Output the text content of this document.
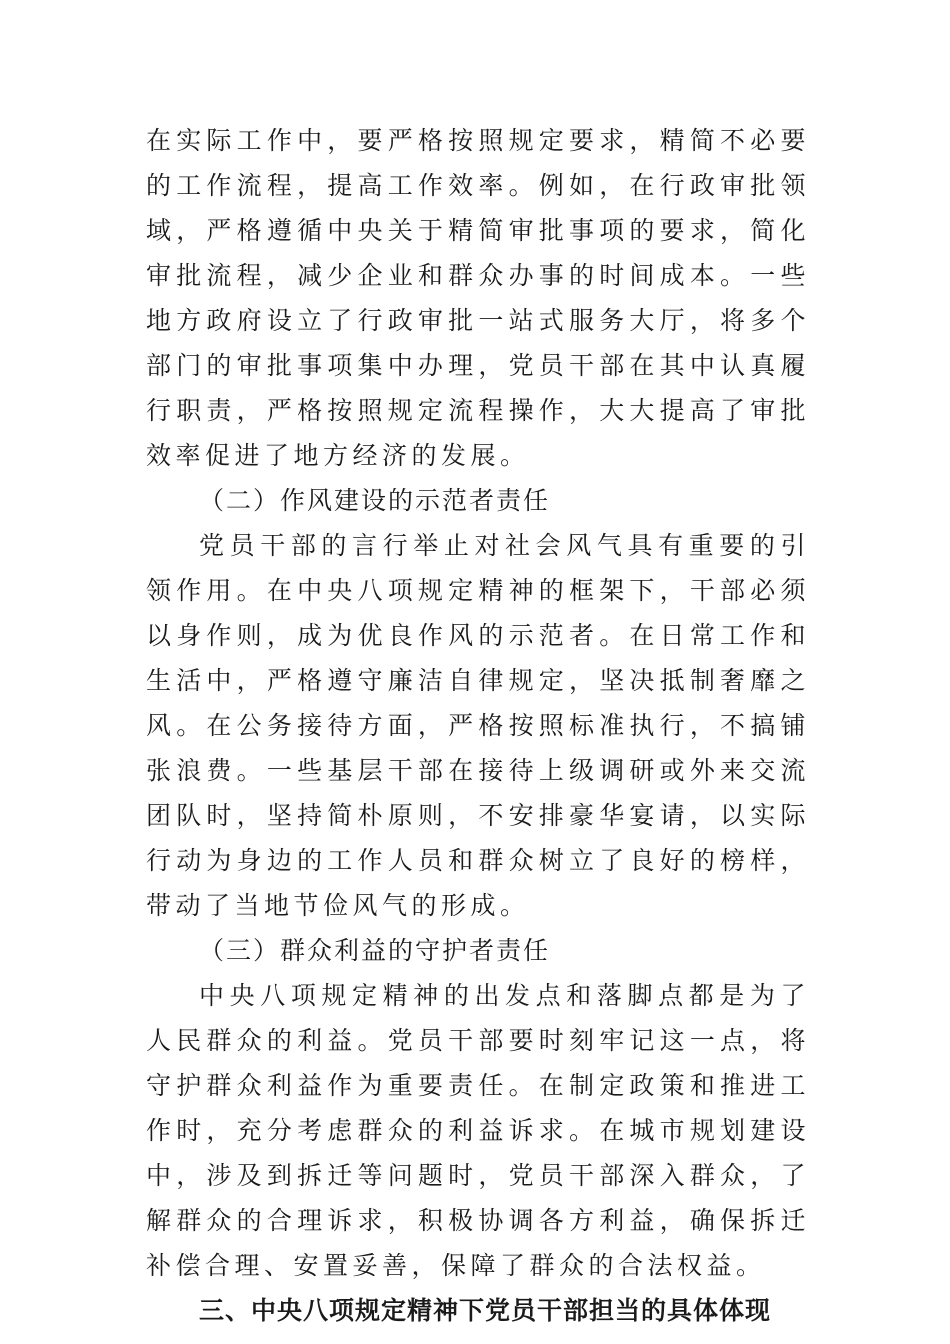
在实际工作中，要严格按照规定要求，精简不必要的工作流程，提高工作效率。例如，在行政审批领域，严格遵循中央关于精简审批事项的要求，简化审批流程，减少企业和群众办事的时间成本。一些地方政府设立了行政审批一站式服务大厅，将多个部门的审批事项集中办理，党员干部在其中认真履行职责，严格按照规定流程操作，大大提高了审批效率促进了地方经济的发展。

（二）作风建设的示范者责任

党员干部的言行举止对社会风气具有重要的引领作用。在中央八项规定精神的框架下，干部必须以身作则，成为优良作风的示范者。在日常工作和生活中，严格遵守廉洁自律规定，坚决抵制奢靡之风。在公务接待方面，严格按照标准执行，不搞铺张浪费。一些基层干部在接待上级调研或外来交流团队时，坚持简朴原则，不安排豪华宴请，以实际行动为身边的工作人员和群众树立了良好的榜样，带动了当地节俭风气的形成。

（三）群众利益的守护者责任

中央八项规定精神的出发点和落脚点都是为了人民群众的利益。党员干部要时刻牢记这一点，将守护群众利益作为重要责任。在制定政策和推进工作时，充分考虑群众的利益诉求。在城市规划建设中，涉及到拆迁等问题时，党员干部深入群众，了解群众的合理诉求，积极协调各方利益，确保拆迁补偿合理、安置妥善，保障了群众的合法权益。

三、中央八项规定精神下党员干部担当的具体体现
